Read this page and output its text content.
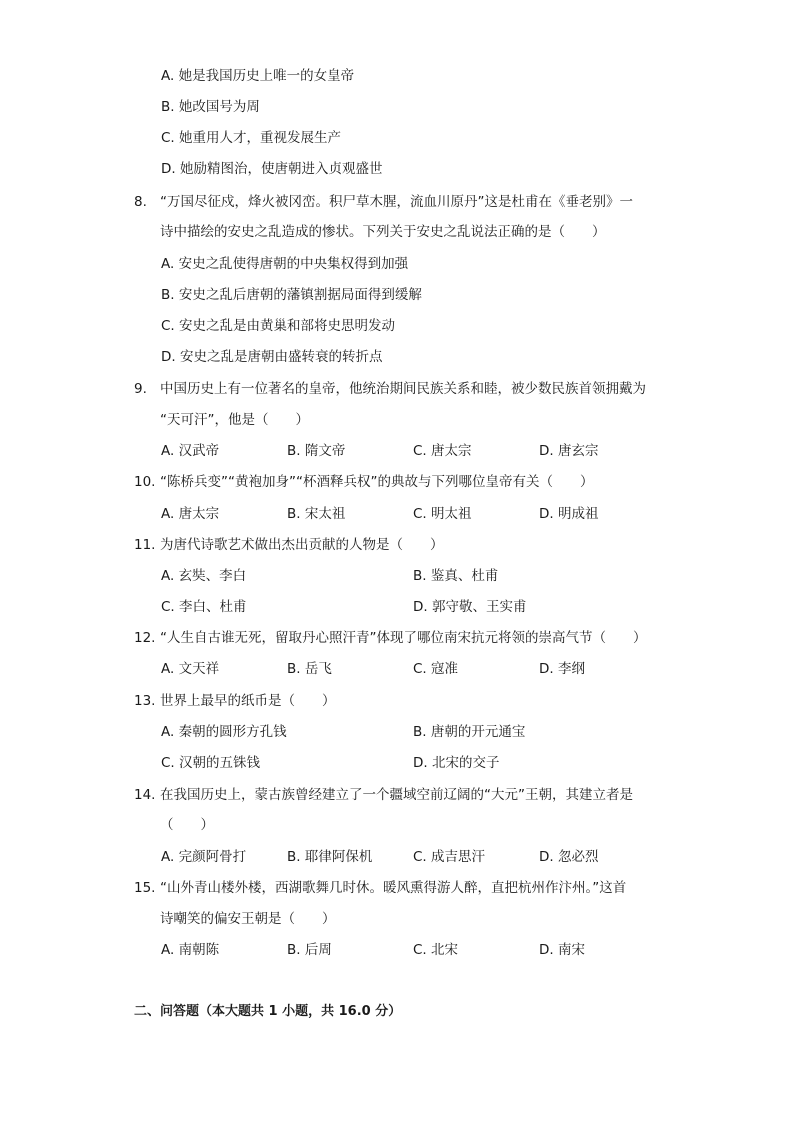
A. 她是我国历史上唯一的女皇帝
B. 她改国号为周
C. 她重用人才，重视发展生产
D. 她励精图治，使唐朝进入贞观盛世
8. “万国尽征戍，烽火被冈峦。积尸草木腥，流血川原丹”这是杜甫在《垂老别》一
诗中描绘的安史之乱造成的惨状。下列关于安史之乱说法正确的是（　　）
A. 安史之乱使得唐朝的中央集权得到加强
B. 安史之乱后唐朝的藩镇割据局面得到缓解
C. 安史之乱是由黄巢和部将史思明发动
D. 安史之乱是唐朝由盛转衰的转折点
9. 中国历史上有一位著名的皇帝，他统治期间民族关系和睦，被少数民族首领拥戴为
“天可汗”，他是（　　）
A. 汉武帝	B. 隋文帝	C. 唐太宗	D. 唐玄宗
10. “陈桥兵变”“黄袍加身”“杯酒释兵权”的典故与下列哪位皇帝有关（　　）
A. 唐太宗	B. 宋太祖	C. 明太祖	D. 明成祖
11. 为唐代诗歌艺术做出杰出贡献的人物是（　　）
A. 玄奘、李白	B. 鉴真、杜甫
C. 李白、杜甫	D. 郭守敬、王实甫
12. “人生自古谁无死，留取丹心照汗青”体现了哪位南宋抗元将领的崇高气节（　　）
A. 文天祥	B. 岳飞	C. 寇准	D. 李纲
13. 世界上最早的纸币是（　　）
A. 秦朝的圆形方孔钱	B. 唐朝的开元通宝
C. 汉朝的五铢钱	D. 北宋的交子
14. 在我国历史上，蒙古族曾经建立了一个疆域空前辽阔的“大元”王朝，其建立者是
（　　）
A. 完颜阿骨打	B. 耶律阿保机	C. 成吉思汗	D. 忽必烈
15. “山外青山楼外楼，西湖歌舞几时休。暖风熏得游人醉，直把杭州作汴州。”这首
诗嘲笑的偏安王朝是（　　）
A. 南朝陈	B. 后周	C. 北宋	D. 南宋
二、问答题（本大题共 1 小题，共 16.0 分）
